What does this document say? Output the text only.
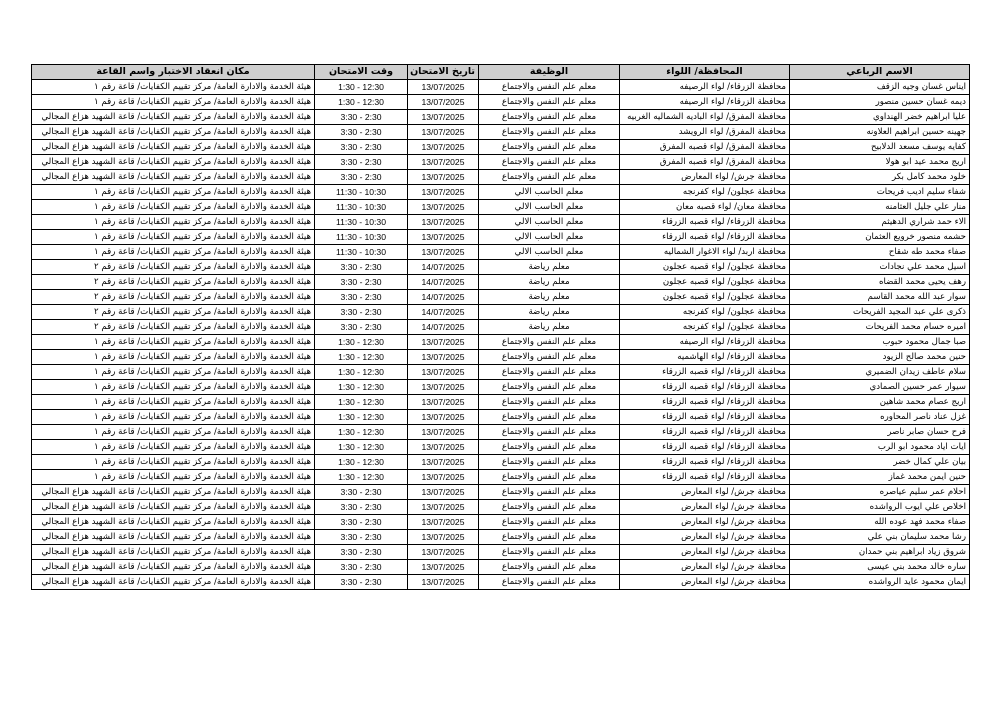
الاسم الرباعي	المحافظة/ اللواء	الوظيفة	تاريخ الامتحان	وقت الامتحان	مكان انعقاد الاختبار واسم القاعة
ايناس غسان وجيه الزقف	محافظة الزرقاء/ لواء الرصيفه	معلم علم النفس والاجتماع	13/07/2025	1:30 - 12:30	هيئة الخدمة والادارة العامة/ مركز تقييم الكفايات/ قاعة رقم ١
ديمه غسان حسين منصور	محافظة الزرقاء/ لواء الرصيفه	معلم علم النفس والاجتماع	13/07/2025	1:30 - 12:30	هيئة الخدمة والادارة العامة/ مركز تقييم الكفايات/ قاعة رقم ١
عليا ابراهيم خضر الهنداوي	محافظة المفرق/ لواء الباديه الشماليه الغربيه	معلم علم النفس والاجتماع	13/07/2025	3:30 - 2:30	هيئة الخدمة والادارة العامة/ مركز تقييم الكفايات/ قاعة الشهيد هزاع المجالي
جهينه حسين ابراهيم العلاونه	محافظة المفرق/ لواء الرويشد	معلم علم النفس والاجتماع	13/07/2025	3:30 - 2:30	هيئة الخدمة والادارة العامة/ مركز تقييم الكفايات/ قاعة الشهيد هزاع المجالي
كفايه يوسف مسعد الدلابيح	محافظة المفرق/ لواء قصبه المفرق	معلم علم النفس والاجتماع	13/07/2025	3:30 - 2:30	هيئة الخدمة والادارة العامة/ مركز تقييم الكفايات/ قاعة الشهيد هزاع المجالي
اريج محمد عيد ابو هولا	محافظة المفرق/ لواء قصبه المفرق	معلم علم النفس والاجتماع	13/07/2025	3:30 - 2:30	هيئة الخدمة والادارة العامة/ مركز تقييم الكفايات/ قاعة الشهيد هزاع المجالي
خلود محمد كامل بكر	محافظة جرش/ لواء المعارض	معلم علم النفس والاجتماع	13/07/2025	3:30 - 2:30	هيئة الخدمة والادارة العامة/ مركز تقييم الكفايات/ قاعة الشهيد هزاع المجالي
شفاء سليم اديب فريحات	محافظة عجلون/ لواء كفرنجه	معلم الحاسب الالي	13/07/2025	11:30 - 10:30	هيئة الخدمة والادارة العامة/ مركز تقييم الكفايات/ قاعة رقم ١
منار علي جليل العثامنه	محافظة معان/ لواء قصبه معان	معلم الحاسب الالي	13/07/2025	11:30 - 10:30	هيئة الخدمة والادارة العامة/ مركز تقييم الكفايات/ قاعة رقم ١
الاء حمد شراري الدهيثم	محافظة الزرقاء/ لواء قصبه الزرقاء	معلم الحاسب الالي	13/07/2025	11:30 - 10:30	هيئة الخدمة والادارة العامة/ مركز تقييم الكفايات/ قاعة رقم ١
حشمه منصور خرويع العثمان	محافظة الزرقاء/ لواء قصبه الزرقاء	معلم الحاسب الالي	13/07/2025	11:30 - 10:30	هيئة الخدمة والادارة العامة/ مركز تقييم الكفايات/ قاعة رقم ١
صفاء محمد طه شقاح	محافظة اربد/ لواء الاغوار الشماليه	معلم الحاسب الالي	13/07/2025	11:30 - 10:30	هيئة الخدمة والادارة العامة/ مركز تقييم الكفايات/ قاعة رقم ١
اسيل محمد علي نجادات	محافظة عجلون/ لواء قصبه عجلون	معلم رياضة	14/07/2025	3:30 - 2:30	هيئة الخدمة والادارة العامة/ مركز تقييم الكفايات/ قاعة رقم ٢
رهف يحيى محمد القضاه	محافظة عجلون/ لواء قصبه عجلون	معلم رياضة	14/07/2025	3:30 - 2:30	هيئة الخدمة والادارة العامة/ مركز تقييم الكفايات/ قاعة رقم ٢
سوار عبد الله محمد القاسم	محافظة عجلون/ لواء قصبه عجلون	معلم رياضة	14/07/2025	3:30 - 2:30	هيئة الخدمة والادارة العامة/ مركز تقييم الكفايات/ قاعة رقم ٢
ذكرى علي عبد المجيد الفريحات	محافظة عجلون/ لواء كفرنجه	معلم رياضة	14/07/2025	3:30 - 2:30	هيئة الخدمة والادارة العامة/ مركز تقييم الكفايات/ قاعة رقم ٢
اميره حسام محمد الفريحات	محافظة عجلون/ لواء كفرنجه	معلم رياضة	14/07/2025	3:30 - 2:30	هيئة الخدمة والادارة العامة/ مركز تقييم الكفايات/ قاعة رقم ٢
صبا جمال محمود حبوب	محافظة الزرقاء/ لواء الرصيفه	معلم علم النفس والاجتماع	13/07/2025	1:30 - 12:30	هيئة الخدمة والادارة العامة/ مركز تقييم الكفايات/ قاعة رقم ١
حنين محمد صالح الزيود	محافظة الزرقاء/ لواء الهاشميه	معلم علم النفس والاجتماع	13/07/2025	1:30 - 12:30	هيئة الخدمة والادارة العامة/ مركز تقييم الكفايات/ قاعة رقم ١
سلام عاطف زيدان الضميري	محافظة الزرقاء/ لواء قصبه الزرقاء	معلم علم النفس والاجتماع	13/07/2025	1:30 - 12:30	هيئة الخدمة والادارة العامة/ مركز تقييم الكفايات/ قاعة رقم ١
سيوار عمر حسين الصمادي	محافظة الزرقاء/ لواء قصبه الزرقاء	معلم علم النفس والاجتماع	13/07/2025	1:30 - 12:30	هيئة الخدمة والادارة العامة/ مركز تقييم الكفايات/ قاعة رقم ١
اريج عصام محمد شاهين	محافظة الزرقاء/ لواء قصبه الزرقاء	معلم علم النفس والاجتماع	13/07/2025	1:30 - 12:30	هيئة الخدمة والادارة العامة/ مركز تقييم الكفايات/ قاعة رقم ١
غزل عناد ناصر المحاوره	محافظة الزرقاء/ لواء قصبه الزرقاء	معلم علم النفس والاجتماع	13/07/2025	1:30 - 12:30	هيئة الخدمة والادارة العامة/ مركز تقييم الكفايات/ قاعة رقم ١
فرح حسان صابر ناصر	محافظة الزرقاء/ لواء قصبه الزرقاء	معلم علم النفس والاجتماع	13/07/2025	1:30 - 12:30	هيئة الخدمة والادارة العامة/ مركز تقييم الكفايات/ قاعة رقم ١
ايات اياد محمود ابو الرب	محافظة الزرقاء/ لواء قصبه الزرقاء	معلم علم النفس والاجتماع	13/07/2025	1:30 - 12:30	هيئة الخدمة والادارة العامة/ مركز تقييم الكفايات/ قاعة رقم ١
بيان علي كمال خضر	محافظة الزرقاء/ لواء قصبه الزرقاء	معلم علم النفس والاجتماع	13/07/2025	1:30 - 12:30	هيئة الخدمة والادارة العامة/ مركز تقييم الكفايات/ قاعة رقم ١
حنين ايمن محمد غماز	محافظة الزرقاء/ لواء قصبه الزرقاء	معلم علم النفس والاجتماع	13/07/2025	1:30 - 12:30	هيئة الخدمة والادارة العامة/ مركز تقييم الكفايات/ قاعة رقم ١
احلام عمر سليم عياصره	محافظة جرش/ لواء المعارض	معلم علم النفس والاجتماع	13/07/2025	3:30 - 2:30	هيئة الخدمة والادارة العامة/ مركز تقييم الكفايات/ قاعة الشهيد هزاع المجالي
اخلاص علي ايوب الرواشده	محافظة جرش/ لواء المعارض	معلم علم النفس والاجتماع	13/07/2025	3:30 - 2:30	هيئة الخدمة والادارة العامة/ مركز تقييم الكفايات/ قاعة الشهيد هزاع المجالي
صفاء محمد فهد عوده الله	محافظة جرش/ لواء المعارض	معلم علم النفس والاجتماع	13/07/2025	3:30 - 2:30	هيئة الخدمة والادارة العامة/ مركز تقييم الكفايات/ قاعة الشهيد هزاع المجالي
رشا محمد سليمان بني علي	محافظة جرش/ لواء المعارض	معلم علم النفس والاجتماع	13/07/2025	3:30 - 2:30	هيئة الخدمة والادارة العامة/ مركز تقييم الكفايات/ قاعة الشهيد هزاع المجالي
شروق زياد ابراهيم بني حمدان	محافظة جرش/ لواء المعارض	معلم علم النفس والاجتماع	13/07/2025	3:30 - 2:30	هيئة الخدمة والادارة العامة/ مركز تقييم الكفايات/ قاعة الشهيد هزاع المجالي
ساره خالد محمد بني عيسى	محافظة جرش/ لواء المعارض	معلم علم النفس والاجتماع	13/07/2025	3:30 - 2:30	هيئة الخدمة والادارة العامة/ مركز تقييم الكفايات/ قاعة الشهيد هزاع المجالي
ايمان محمود عايد الرواشده	محافظة جرش/ لواء المعارض	معلم علم النفس والاجتماع	13/07/2025	3:30 - 2:30	هيئة الخدمة والادارة العامة/ مركز تقييم الكفايات/ قاعة الشهيد هزاع المجالي
